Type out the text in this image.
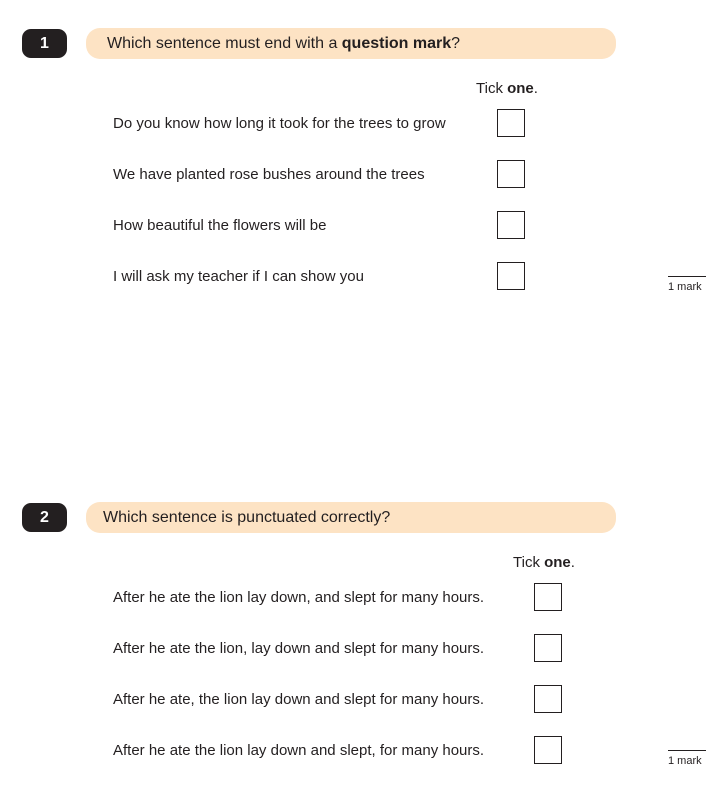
1	Which sentence must end with a question mark ?
Tick one.
Do you know how long it took for the trees to grow
We have planted rose bushes around the trees
How beautiful the flowers will be
I will ask my teacher if I can show you
1 mark
2	Which sentence is punctuated correctly?
Tick one.
After he ate the lion lay down, and slept for many hours.
After he ate the lion, lay down and slept for many hours.
After he ate, the lion lay down and slept for many hours.
After he ate the lion lay down and slept, for many hours.
1 mark
